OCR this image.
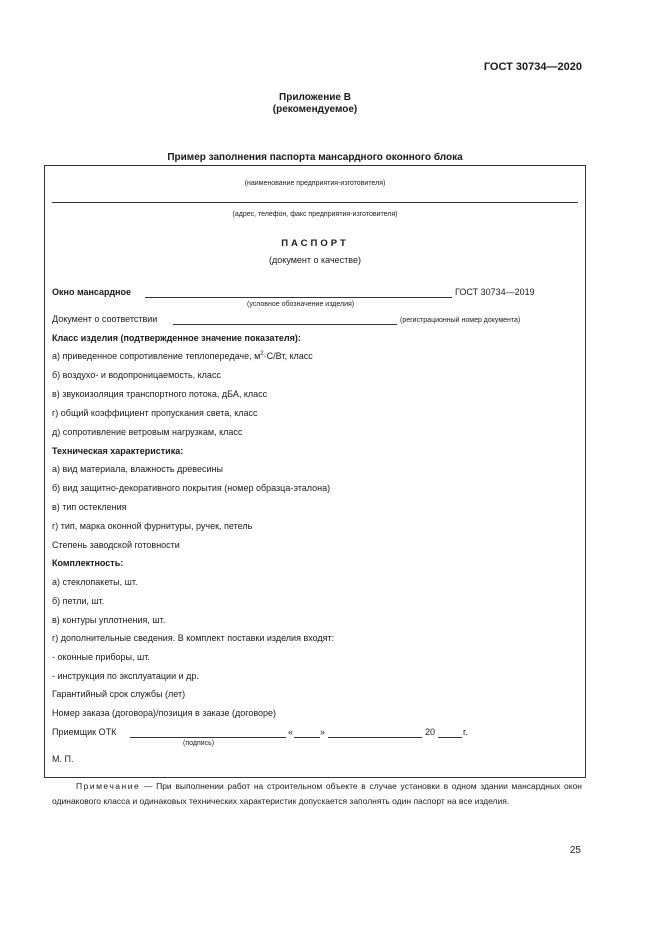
ГОСТ 30734—2020
Приложение В
(рекомендуемое)
Пример заполнения паспорта мансардного оконного блока
(наименование предприятия-изготовителя)
(адрес, телефон, факс предприятия-изготовителя)
ПАСПОРТ
(документ о качестве)
Окно мансардное	ГОСТ 30734—2019
(условное обозначение изделия)
Документ о соответствии	(регистрационный номер документа)
Класс изделия (подтвержденное значение показателя):
а) приведенное сопротивление теплопередаче, $м^2\cdot С/Вт$, класс
б) воздухо- и водопроницаемость, класс
в) звукоизоляция транспортного потока, дБА, класс
г) общий коэффициент пропускания света, класс
д) сопротивление ветровым нагрузкам, класс
Техническая характеристика:
а) вид материала, влажность древесины
б) вид защитно-декоративного покрытия (номер образца-эталона)
в) тип остекления
г) тип, марка оконной фурнитуры, ручек, петель
Степень заводской готовности
Комплектность:
а) стеклопакеты, шт.
б) петли, шт.
в) контуры уплотнения, шт.
г) дополнительные сведения. В комплект поставки изделия входят:
- оконные приборы, шт.
- инструкция по эксплуатации и др.
Гарантийный срок службы (лет)
Номер заказа (договора)/позиция в заказе (договоре)
Приемщик ОТК	«	»	20	г.
(подпись)
М. П.
Примечание — При выполнении работ на строительном объекте в случае установки в одном здании мансардных окон одинакового класса и одинаковых технических характеристик допускается заполнять один паспорт на все изделия.
25
